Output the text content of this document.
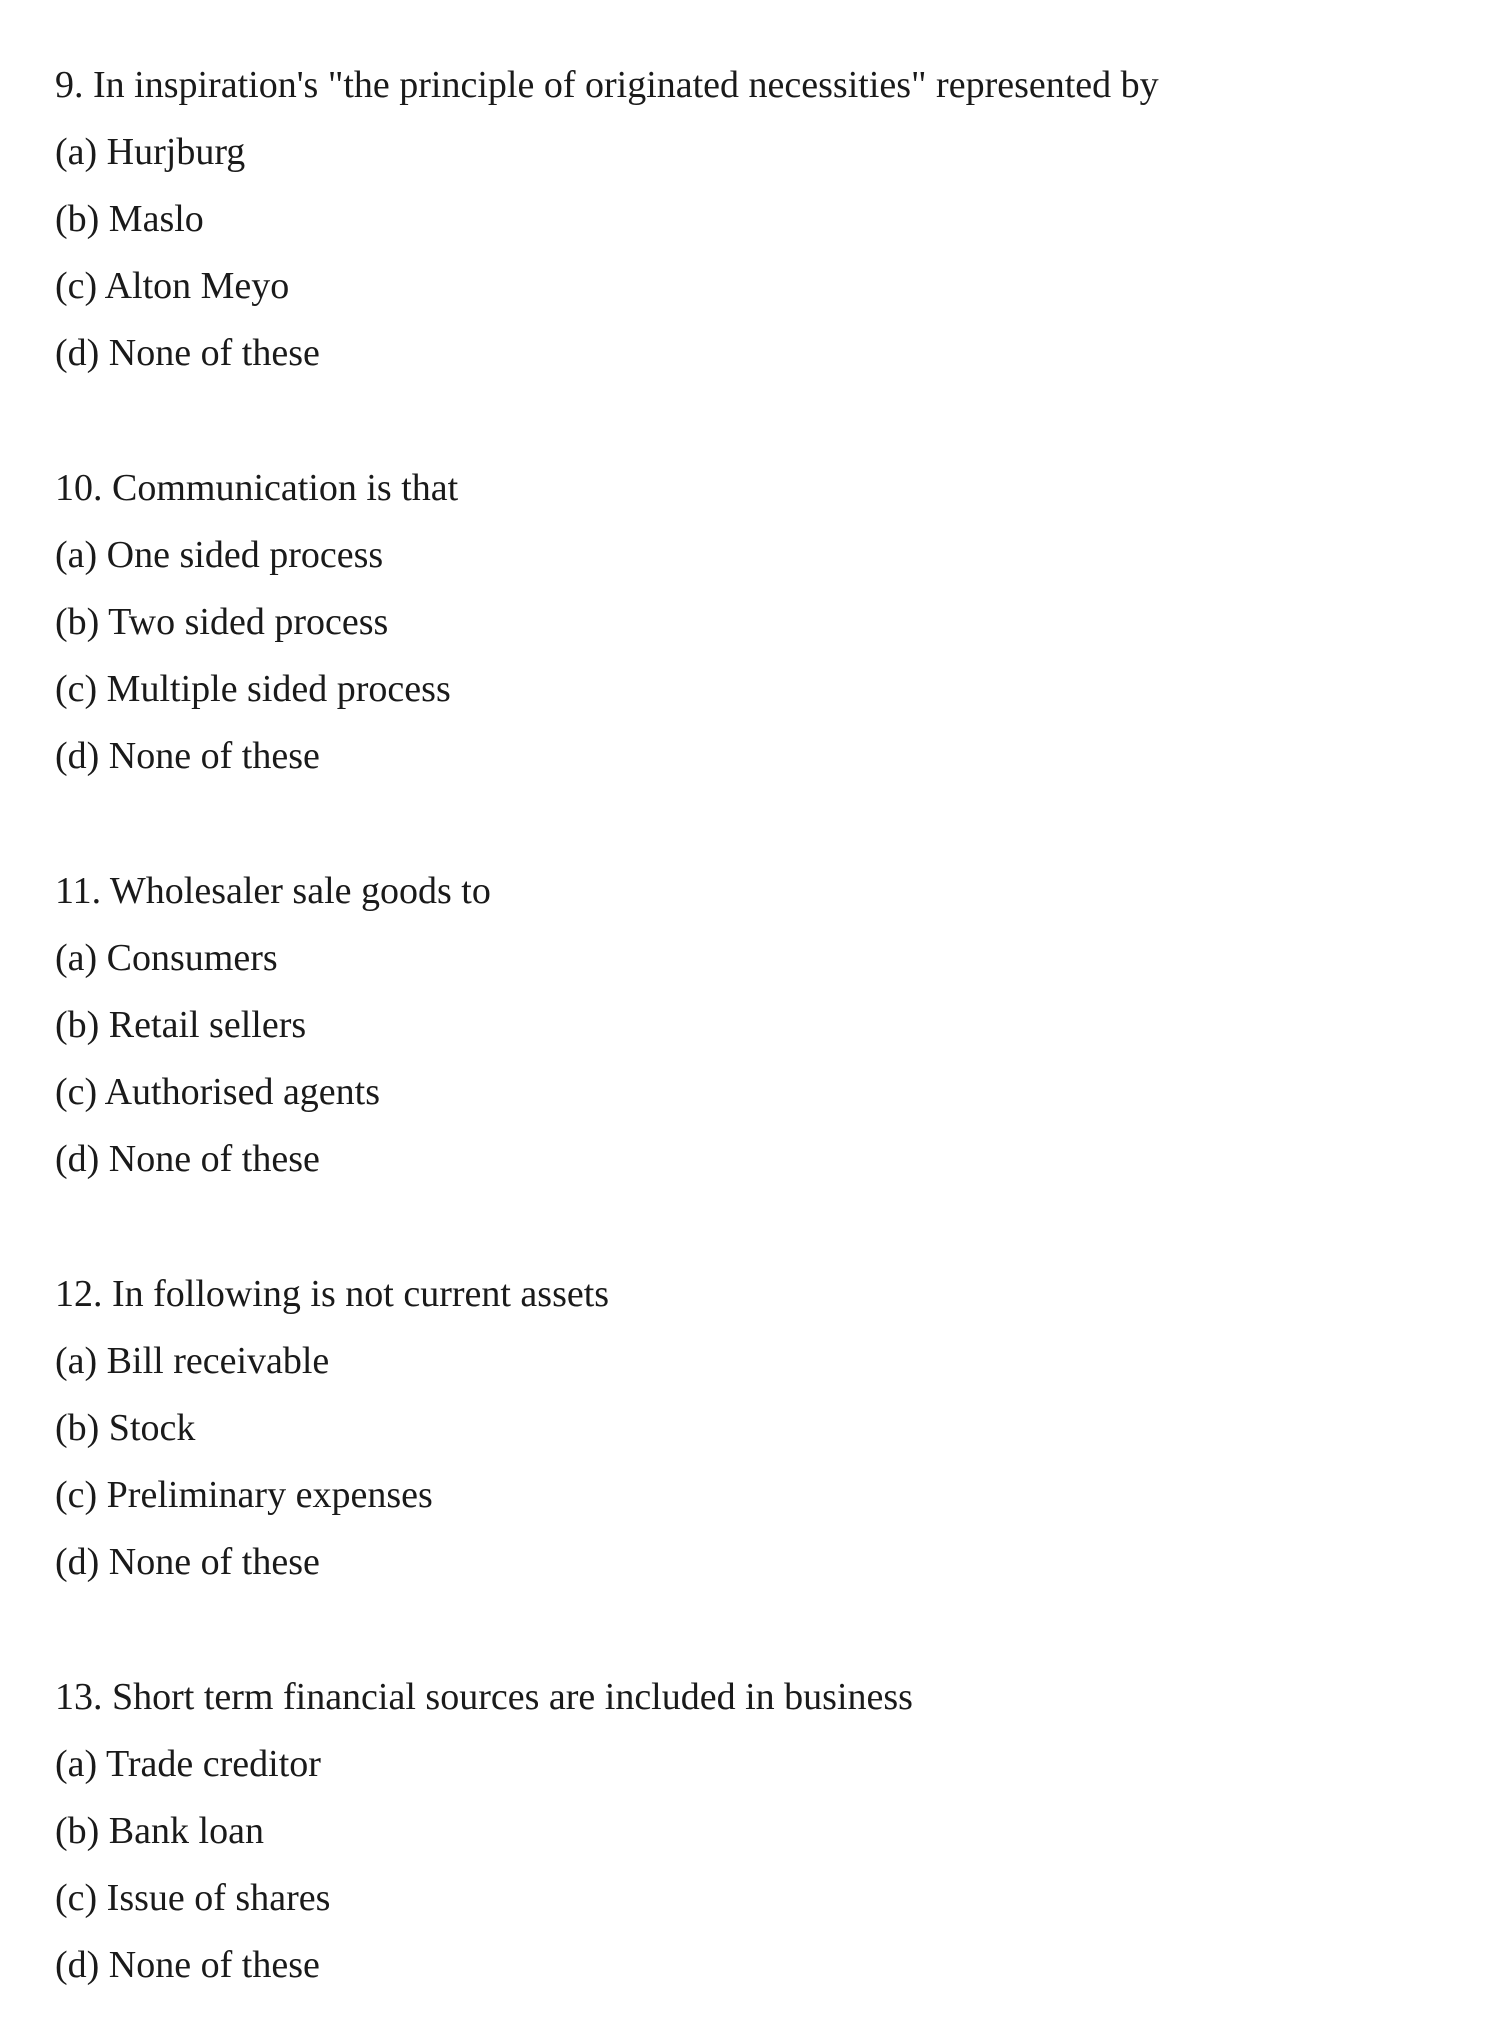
9. In inspiration's "the principle of originated necessities" represented by

(a) Hurjburg

(b) Maslo

(c) Alton Meyo

(d) None of these

10. Communication is that

(a) One sided process

(b) Two sided process

(c) Multiple sided process

(d) None of these

11. Wholesaler sale goods to

(a) Consumers

(b) Retail sellers

(c) Authorised agents

(d) None of these

12. In following is not current assets

(a) Bill receivable

(b) Stock

(c) Preliminary expenses

(d) None of these

13. Short term financial sources are included in business

(a) Trade creditor

(b) Bank loan

(c) Issue of shares

(d) None of these
